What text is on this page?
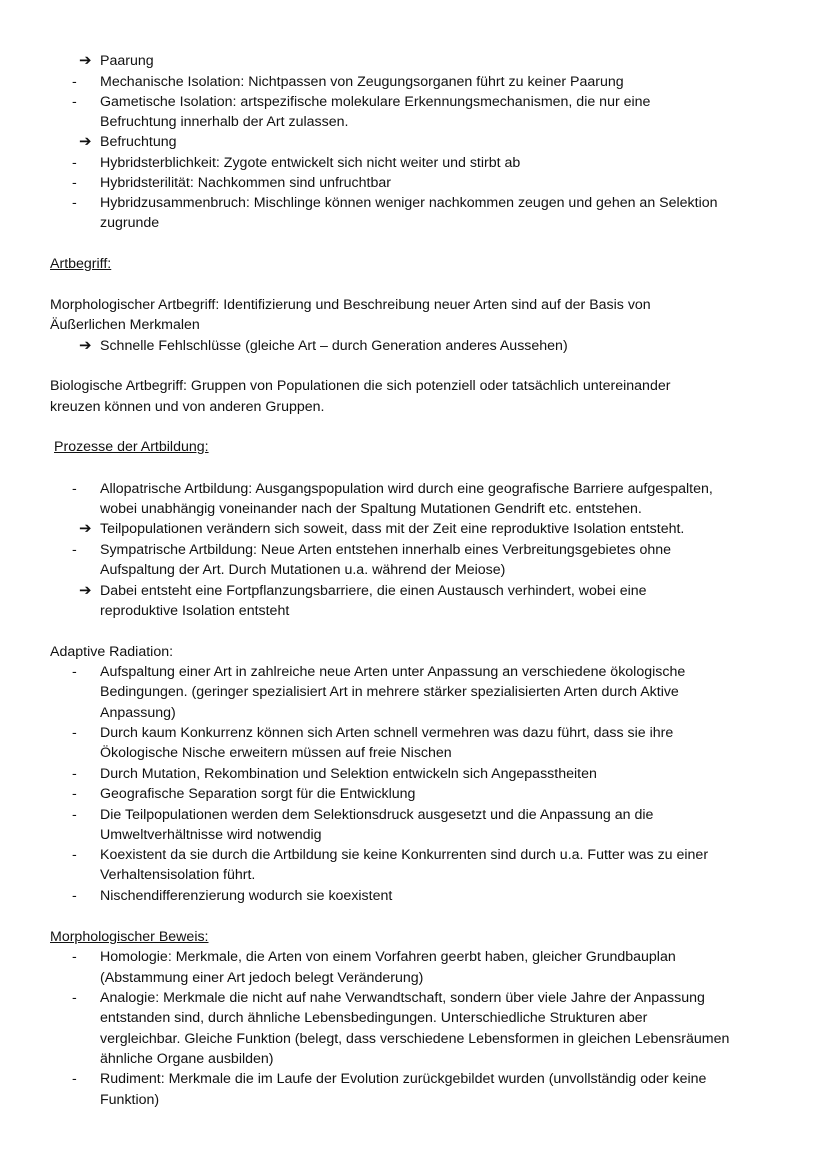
➔ Paarung
- Mechanische Isolation: Nichtpassen von Zeugungsorganen führt zu keiner Paarung
- Gametische Isolation: artspezifische molekulare Erkennungsmechanismen, die nur eine
Befruchtung innerhalb der Art zulassen.
➔ Befruchtung
- Hybridsterblichkeit: Zygote entwickelt sich nicht weiter und stirbt ab
- Hybridsterilität: Nachkommen sind unfruchtbar
- Hybridzusammenbruch: Mischlinge können weniger nachkommen zeugen und gehen an Selektion
zugrunde
Artbegriff:
Morphologischer Artbegriff: Identifizierung und Beschreibung neuer Arten sind auf der Basis von
Äußerlichen Merkmalen
➔ Schnelle Fehlschlüsse (gleiche Art – durch Generation anderes Aussehen)
Biologische Artbegriff: Gruppen von Populationen die sich potenziell oder tatsächlich untereinander
kreuzen können und von anderen Gruppen.
Prozesse der Artbildung:
- Allopatrische Artbildung: Ausgangspopulation wird durch eine geografische Barriere aufgespalten,
wobei unabhängig voneinander nach der Spaltung Mutationen Gendrift etc. entstehen.
➔ Teilpopulationen verändern sich soweit, dass mit der Zeit eine reproduktive Isolation entsteht.
- Sympatrische Artbildung: Neue Arten entstehen innerhalb eines Verbreitungsgebietes ohne
Aufspaltung der Art. Durch Mutationen u.a. während der Meiose)
➔ Dabei entsteht eine Fortpflanzungsbarriere, die einen Austausch verhindert, wobei eine
reproduktive Isolation entsteht
Adaptive Radiation:
- Aufspaltung einer Art in zahlreiche neue Arten unter Anpassung an verschiedene ökologische
Bedingungen. (geringer spezialisiert Art in mehrere stärker spezialisierten Arten durch Aktive
Anpassung)
- Durch kaum Konkurrenz können sich Arten schnell vermehren was dazu führt, dass sie ihre
Ökologische Nische erweitern müssen auf freie Nischen
- Durch Mutation, Rekombination und Selektion entwickeln sich Angepasstheiten
- Geografische Separation sorgt für die Entwicklung
- Die Teilpopulationen werden dem Selektionsdruck ausgesetzt und die Anpassung an die
Umweltverhältnisse wird notwendig
- Koexistent da sie durch die Artbildung sie keine Konkurrenten sind durch u.a. Futter was zu einer
Verhaltensisolation führt.
- Nischendifferenzierung wodurch sie koexistent
Morphologischer Beweis:
- Homologie: Merkmale, die Arten von einem Vorfahren geerbt haben, gleicher Grundbauplan
(Abstammung einer Art jedoch belegt Veränderung)
- Analogie: Merkmale die nicht auf nahe Verwandtschaft, sondern über viele Jahre der Anpassung
entstanden sind, durch ähnliche Lebensbedingungen. Unterschiedliche Strukturen aber
vergleichbar. Gleiche Funktion (belegt, dass verschiedene Lebensformen in gleichen Lebensräumen
ähnliche Organe ausbilden)
- Rudiment: Merkmale die im Laufe der Evolution zurückgebildet wurden (unvollständig oder keine
Funktion)
